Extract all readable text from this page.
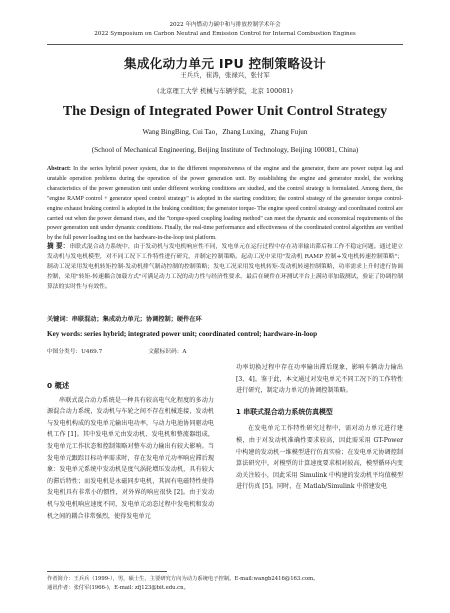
2022 年内燃动力碳中和与排放控制学术年会
2022 Symposium on Carbon Neutral and Emission Control for Internal Combustion Engines
集成化动力单元 IPU 控制策略设计
王兵兵，崔涛，张禄兴，张付军
(北京理工大学 机械与车辆学院，北京 100081)
The Design of Integrated Power Unit Control Strategy
Wang BingBing, Cui Tao，Zhang Luxing，Zhang Fujun
(School of Mechanical Engineering, Beijing Institute of Technology, Beijing 100081, China)
Abstract: In the series hybrid power system, due to the different responsiveness of the engine and the generator, there are power output lag and unstable operation problems during the operation of the power generation unit. By establishing the engine and generator model, the working characteristics of the power generation unit under different working conditions are studied, and the control strategy is formulated. Among them, the "engine RAMP control + generator speed control strategy" is adopted in the starting condition; the control strategy of the generator torque control-engine exhaust braking control is adopted in the braking condition; the generator torque- The engine speed control strategy and coordinated control are carried out when the power demand rises, and the "torque-speed coupling loading method" can meet the dynamic and economical requirements of the power generation unit under dynamic conditions. Finally, the real-time performance and effectiveness of the coordinated control algorithm are verified by the full power loading test on the hardware-in-the-loop test platform.
摘 要：串联式混合动力系统中，由于发动机与发电机响应性不同，发电单元在运行过程中存在功率输出滞后和工作不稳定问题。通过建立发动机与发电机模型，对不同工况下工作特性进行研究，并制定控制策略。起动工况中采用"发动机 RAMP 控制+发电机转速控制策略"；制动工况采用发电机转矩控制-发动机排气制动控制的控制策略；发电工况采用发电机转矩-发动机转速控制策略，功率需求上升时进行协调控制，采用"转矩-转速耦合加载方式"可满足动力工况的动力性与经济性要求。最后在硬件在环测试平台上满功率加载测试，验证了协调控制算法的实时性与有效性。
关键词：串联混动；集成动力单元；协调控制；硬件在环
Key words: series hybrid; integrated power unit; coordinated control; hardware-in-loop
中图分类号：U469.7	文献标识码：A
0 概述

串联式混合动力系统是一种具有较高电气化程度的多动力源混合动力系统，发动机与车轮之间不存在机械连接，发动机与发电机构成的发电单元输出电功率，与动力电池协同驱动电机工作 [1]。其中发电单元由发动机、发电机和整流器组成，发电单元工作状态和控制策略对整车动力输出有较大影响。当发电单元跟踪目标功率需求时，存在发电单元功率响应滞后现象：发电单元系统中发动机是度气涡轮增压发动机，具有较大的滞后特性；而发电机是永磁同步电机，其固有电磁特性使得发电机具有非常小的惯性，对外界的响应很快 [2]。由于发动机与发电机响应速度不同，发电单元动态过程中发电机和发动机之间的耦合非常强烈，使得发电单元

功率切换过程中存在功率输出滞后现象，影响车辆动力输出 [3、4]。鉴于此，本文通过对发电单元不同工况下的工作特性进行研究，制定动力单元的协调控制策略。

1 串联式混合动力系统仿真模型

在发电单元工作特性研究过程中，需对动力单元进行建模，由于对发动机准确性要求较高，因此需采用 GT-Power 中构建的发动机一维模型进行仿真实验；在发电单元协调控制算法研究中，对模型的计算速度要求相对较高，模型循环内变动关注较小，因此采用 Simulink 中构建的发动机平均值模型进行仿真 [5]。同时，在 Matlab/Simulink 中搭建发电

作者简介：王兵兵（1999-），男，硕士生，主要研究方向为动力系统电子控制。E-mail:wangb2416@163.com。
通讯作者：张付军(1966-)，E-mail: zfj123@bit.edu.cn。
